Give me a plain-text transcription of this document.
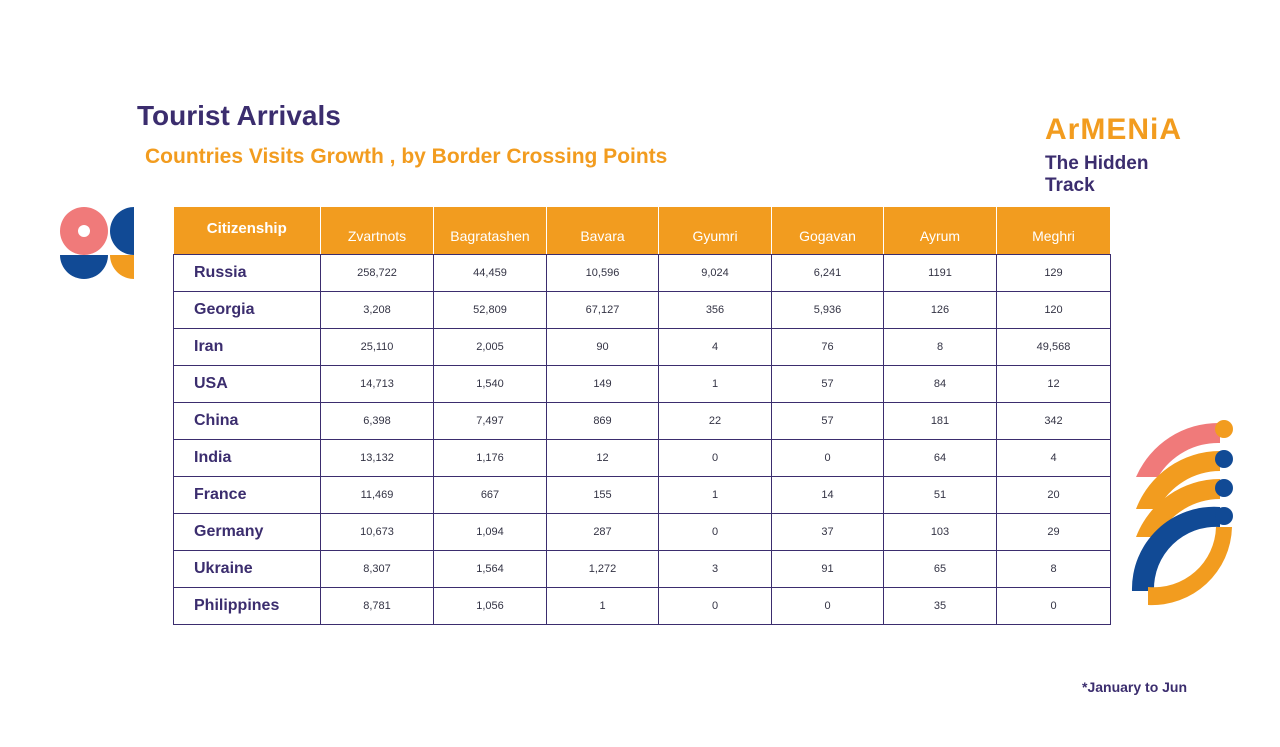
Tourist Arrivals
Countries Visits Growth , by Border Crossing Points
ArMENiA
The Hidden Track
Citizenship	Zvartnots	Bagratashen	Bavara	Gyumri	Gogavan	Ayrum	Meghri
Russia	258,722	44,459	10,596	9,024	6,241	1191	129
Georgia	3,208	52,809	67,127	356	5,936	126	120
Iran	25,110	2,005	90	4	76	8	49,568
USA	14,713	1,540	149	1	57	84	12
China	6,398	7,497	869	22	57	181	342
India	13,132	1,176	12	0	0	64	4
France	11,469	667	155	1	14	51	20
Germany	10,673	1,094	287	0	37	103	29
Ukraine	8,307	1,564	1,272	3	91	65	8
Philippines	8,781	1,056	1	0	0	35	0
*January to Jun
